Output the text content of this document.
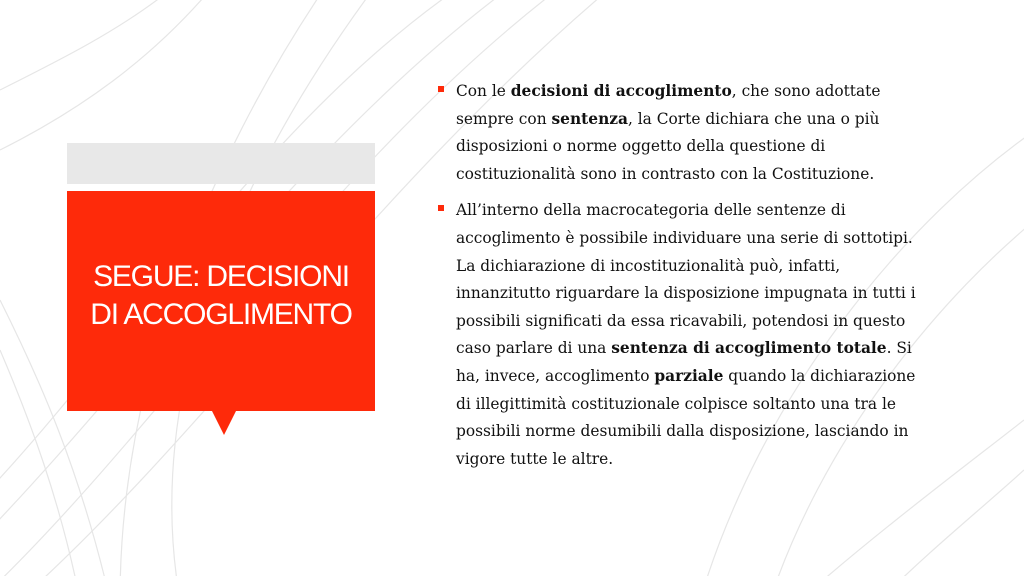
SEGUE: DECISIONI DI ACCOGLIMENTO
Con le decisioni di accoglimento, che sono adottate sempre con sentenza, la Corte dichiara che una o più disposizioni o norme oggetto della questione di costituzionalità sono in contrasto con la Costituzione.
All’interno della macrocategoria delle sentenze di accoglimento è possibile individuare una serie di sottotipi. La dichiarazione di incostituzionalità può, infatti, innanzitutto riguardare la disposizione impugnata in tutti i possibili significati da essa ricavabili, potendosi in questo caso parlare di una sentenza di accoglimento totale. Si ha, invece, accoglimento parziale quando la dichiarazione di illegittimità costituzionale colpisce soltanto una tra le possibili norme desumibili dalla disposizione, lasciando in vigore tutte le altre.
